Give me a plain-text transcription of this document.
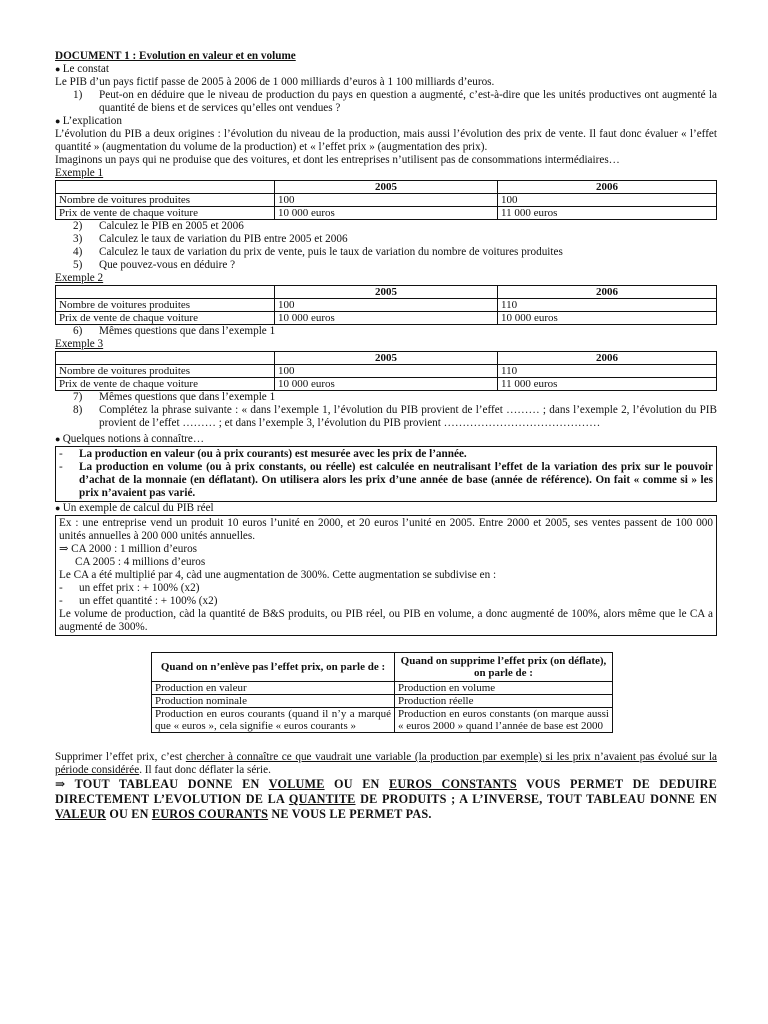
DOCUMENT 1 : Evolution en valeur et en volume

● Le constat

Le PIB d’un pays fictif passe de 2005 à 2006 de 1 000 milliards d’euros à 1 100 milliards d’euros.

1)	Peut-on en déduire que le niveau de production du pays en question a augmenté, c’est-à-dire que les unités productives ont augmenté la quantité de biens et de services qu’elles ont vendues ?

● L’explication

L’évolution du PIB a deux origines : l’évolution du niveau de la production, mais aussi l’évolution des prix de vente. Il faut donc évaluer « l’effet quantité » (augmentation du volume de la production) et « l’effet prix » (augmentation des prix).

Imaginons un pays qui ne produise que des voitures, et dont les entreprises n’utilisent pas de consommations intermédiaires…

Exemple 1

	2005	2006
Nombre de voitures produites	100	100
Prix de vente de chaque voiture	10 000 euros	11 000 euros
2)	Calculez le PIB en 2005 et 2006
3)	Calculez le taux de variation du PIB entre 2005 et 2006
4)	Calculez le taux de variation du prix de vente, puis le taux de variation du nombre de voitures produites
5)	Que pouvez-vous en déduire ?

Exemple 2

	2005	2006
Nombre de voitures produites	100	110
Prix de vente de chaque voiture	10 000 euros	10 000 euros
6)	Mêmes questions que dans l’exemple 1

Exemple 3

	2005	2006
Nombre de voitures produites	100	110
Prix de vente de chaque voiture	10 000 euros	11 000 euros
7)	Mêmes questions que dans l’exemple 1
8)	Complétez la phrase suivante : « dans l’exemple 1, l’évolution du PIB provient de l’effet ……… ; dans l’exemple 2, l’évolution du PIB provient de l’effet ……… ; et dans l’exemple 3, l’évolution du PIB provient ……………………………………

● Quelques notions à connaître…

-	La production en valeur (ou à prix courants) est mesurée avec les prix de l’année.
-	La production en volume (ou à prix constants, ou réelle) est calculée en neutralisant l’effet de la variation des prix sur le pouvoir d’achat de la monnaie (en déflatant). On utilisera alors les prix d’une année de base (année de référence). On fait « comme si » les prix n’avaient pas varié.

● Un exemple de calcul du PIB réel

Ex : une entreprise vend un produit 10 euros l’unité en 2000, et 20 euros l’unité en 2005. Entre 2000 et 2005, ses ventes passent de 100 000 unités annuelles à 200 000 unités annuelles.

⇒ CA 2000 : 1 million d’euros

CA 2005 : 4 millions d’euros

Le CA a été multiplié par 4, càd une augmentation de 300%. Cette augmentation se subdivise en :

-	un effet prix : + 100% (x2)
-	un effet quantité : + 100% (x2)

Le volume de production, càd la quantité de B&S produits, ou PIB réel, ou PIB en volume, a donc augmenté de 100%, alors même que le CA a augmenté de 300%.

Quand on n’enlève pas l’effet prix, on parle de :	Quand on supprime l’effet prix (on déflate), on parle de :
Production en valeur	Production en volume
Production nominale	Production réelle
Production en euros courants (quand il n’y a marqué que « euros », cela signifie « euros courants »	Production en euros constants (on marque aussi « euros 2000 » quand l’année de base est 2000

Supprimer l’effet prix, c’est chercher à connaître ce que vaudrait une variable (la production par exemple) si les prix n’avaient pas évolué sur la période considérée. Il faut donc déflater la série.

⇒ TOUT TABLEAU DONNE EN VOLUME OU EN EUROS CONSTANTS VOUS PERMET DE DEDUIRE DIRECTEMENT L’EVOLUTION DE LA QUANTITE DE PRODUITS ; A L’INVERSE, TOUT TABLEAU DONNE EN VALEUR OU EN EUROS COURANTS NE VOUS LE PERMET PAS.
